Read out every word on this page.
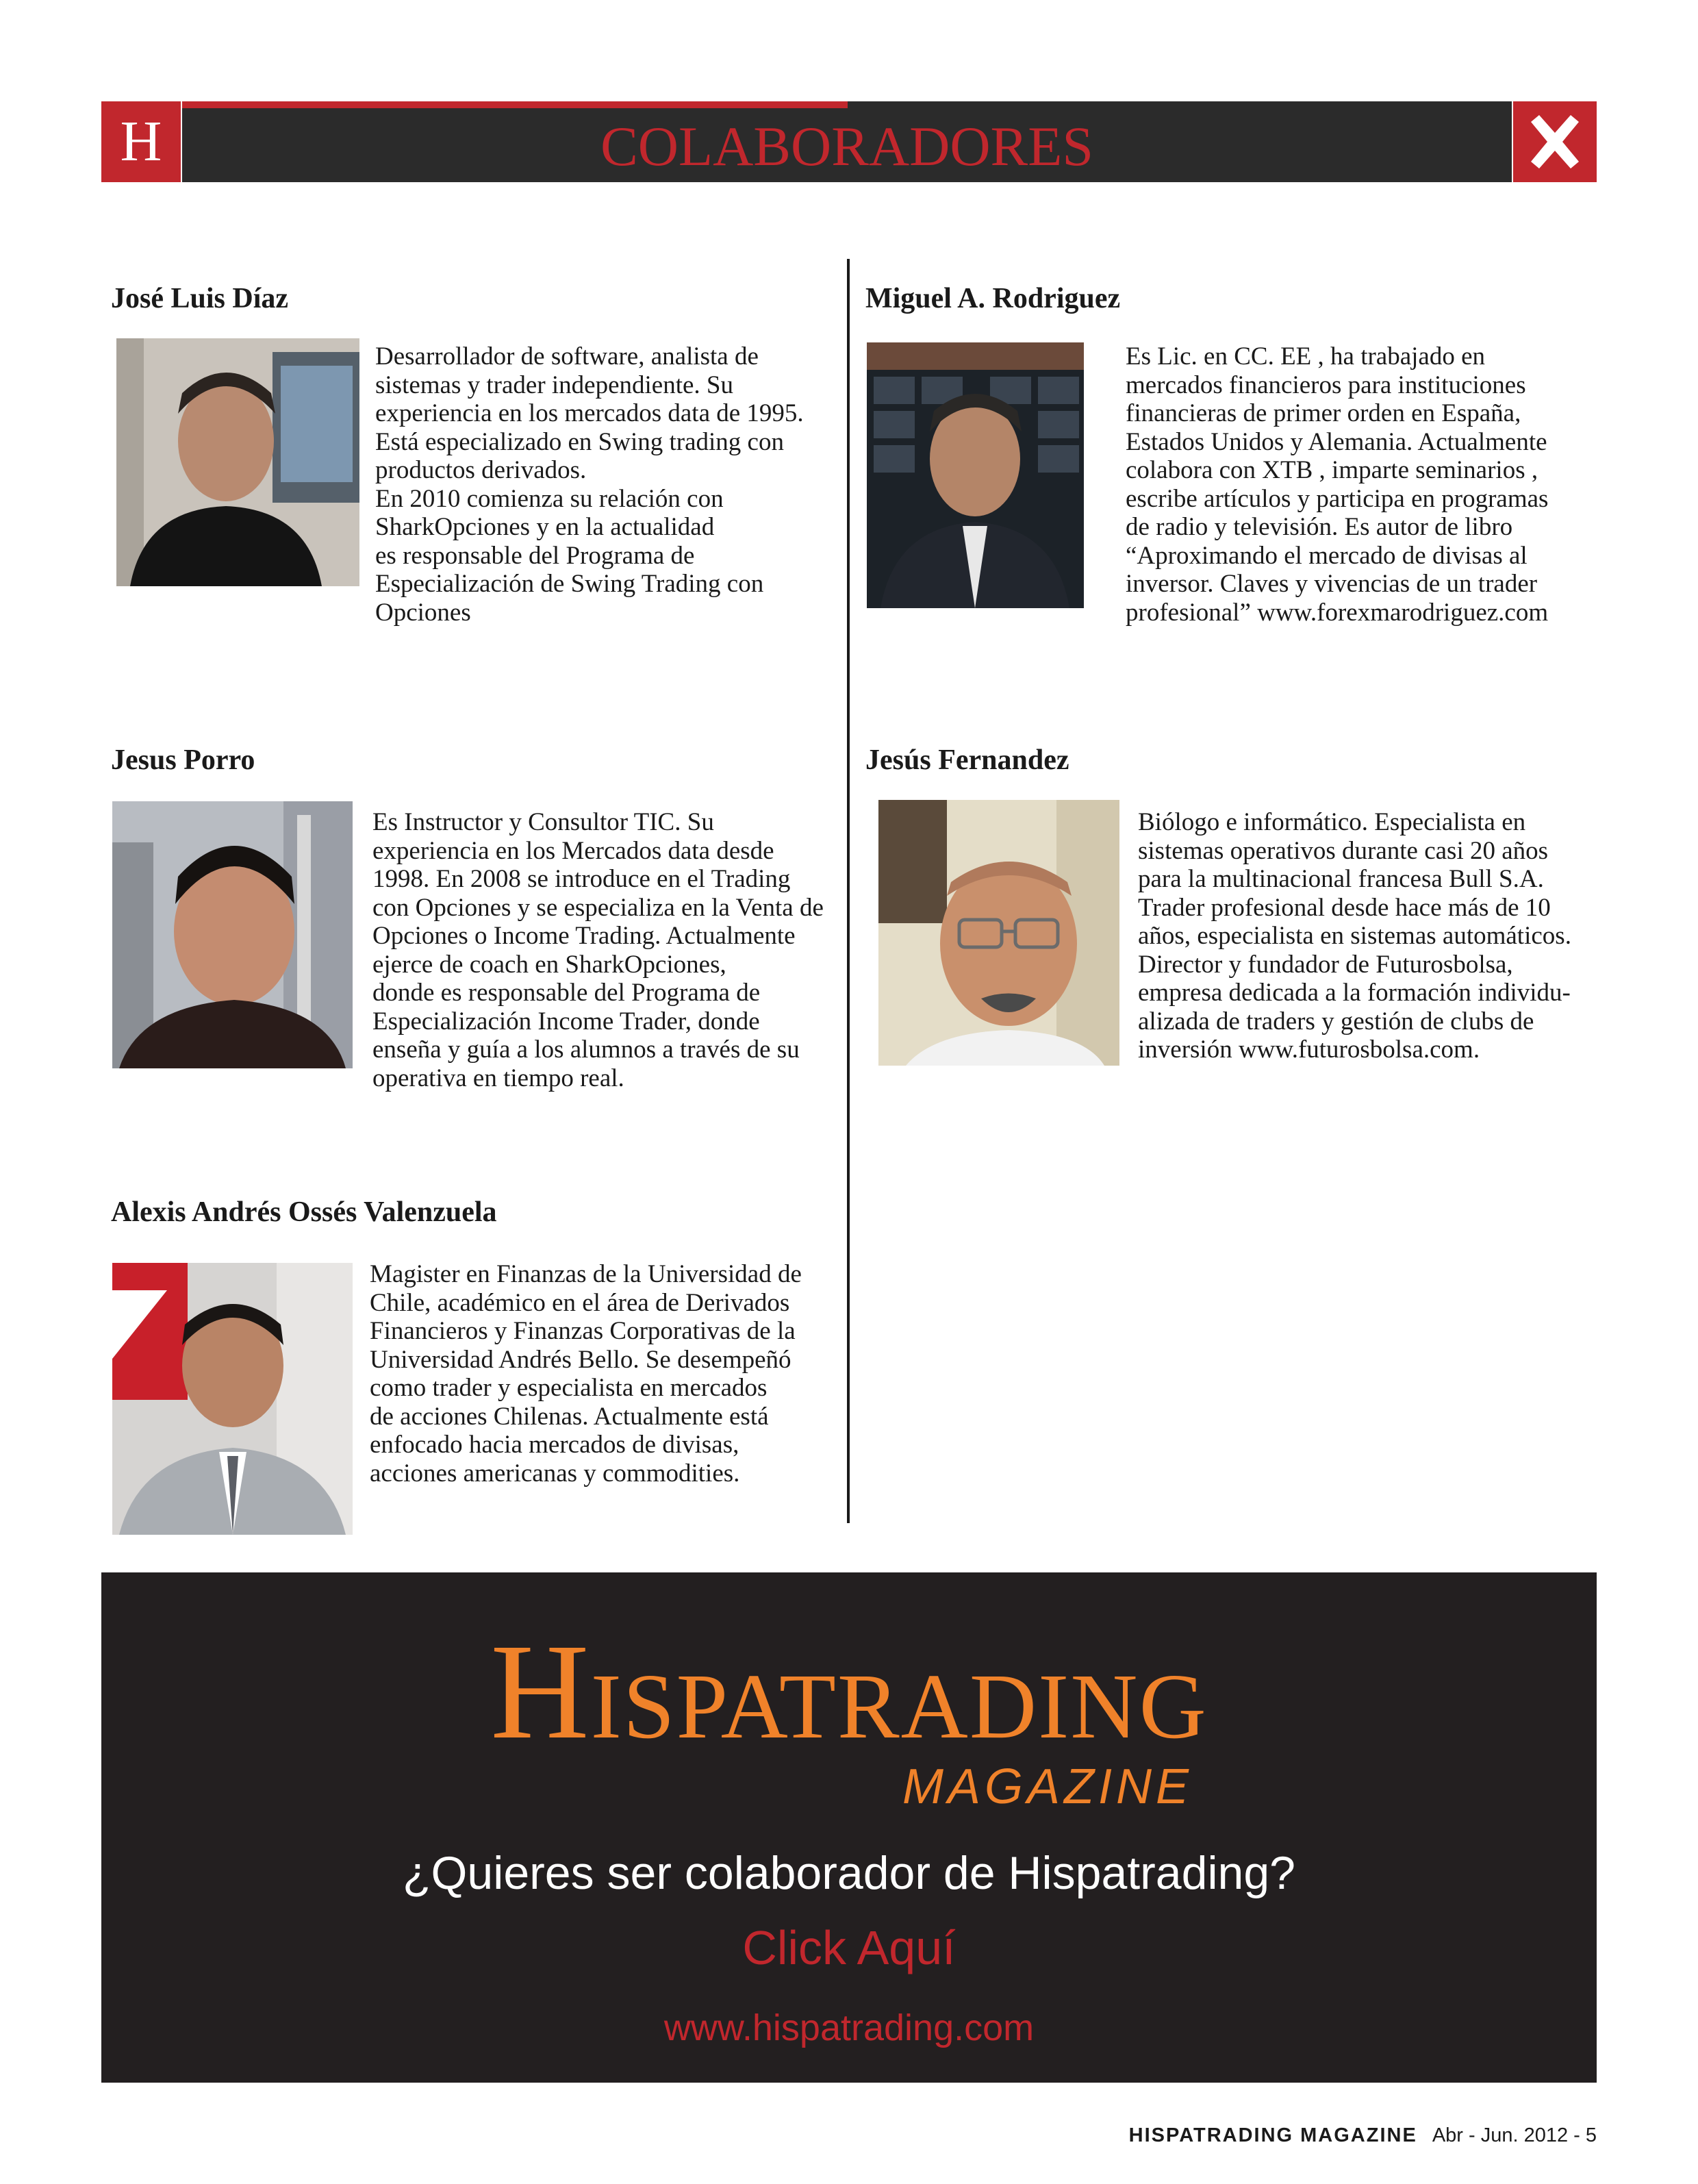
H	COLABORADORES
José Luis Díaz
Desarrollador de software, analista de
sistemas y trader independiente. Su
experiencia en los mercados data de 1995.
Está especializado en Swing trading con
productos derivados.
En 2010 comienza su relación con
SharkOpciones y en la actualidad
es responsable del Programa de
Especialización de Swing Trading con
Opciones
Miguel A. Rodriguez
Es Lic. en CC. EE , ha trabajado en
mercados financieros para instituciones
financieras de primer orden en España,
Estados Unidos y Alemania. Actualmente
colabora con XTB , imparte seminarios ,
escribe artículos y participa en programas
de radio y televisión. Es autor de libro
“Aproximando el mercado de divisas al
inversor. Claves y vivencias de un trader
profesional” www.forexmarodriguez.com
Jesus Porro
Es Instructor y Consultor TIC. Su
experiencia en los Mercados data desde
1998. En 2008 se introduce en el Trading
con Opciones y se especializa en la Venta de
Opciones o Income Trading. Actualmente
ejerce de coach en SharkOpciones,
donde es responsable del Programa de
Especialización Income Trader, donde
enseña y guía a los alumnos a través de su
operativa en tiempo real.
Jesús Fernandez
Biólogo e informático. Especialista en
sistemas operativos durante casi 20 años
para la multinacional francesa Bull S.A.
Trader profesional desde hace más de 10
años, especialista en sistemas automáticos.
Director y fundador de Futurosbolsa,
empresa dedicada a la formación individu-
alizada de traders y gestión de clubs de
inversión www.futurosbolsa.com.
Alexis Andrés Ossés Valenzuela
Magister en Finanzas de la Universidad de
Chile, académico en el área de Derivados
Financieros y Finanzas Corporativas de la
Universidad Andrés Bello. Se desempeñó
como trader y especialista en mercados
de acciones Chilenas. Actualmente está
enfocado hacia mercados de divisas,
acciones americanas y commodities.
HISPATRADING
MAGAZINE
¿Quieres ser colaborador de Hispatrading?
Click Aquí
www.hispatrading.com
HISPATRADING MAGAZINE Abr - Jun. 2012 - 5
